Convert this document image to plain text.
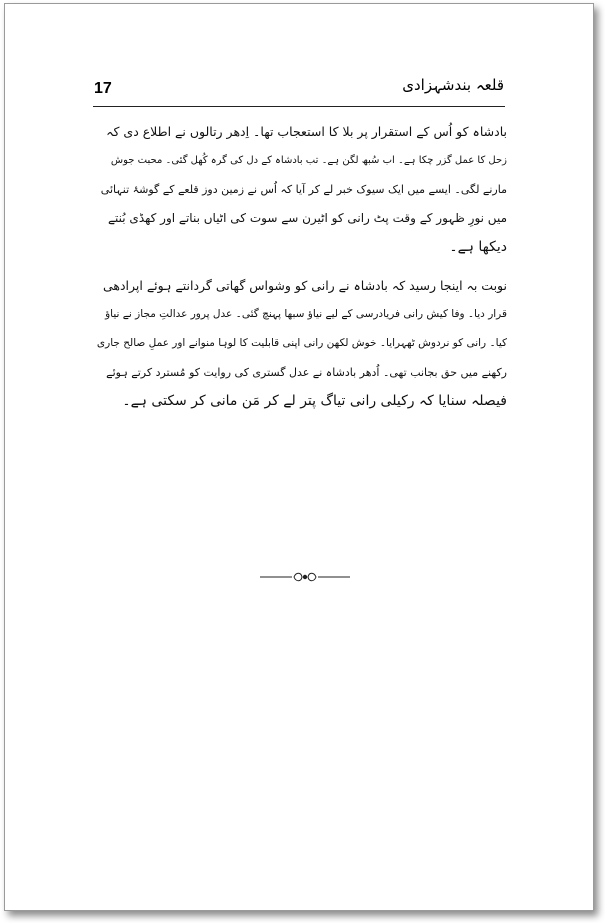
17	قلعہ بندشہزادی
بادشاہ کو اُس کے استقرار پر بلا کا استعجاب تھا۔ اِدھر رتالوں نے اطلاع دی کہ
زحل کا عمل گزر چکا ہے۔ اب سُبھ لگن ہے۔ تب بادشاہ کے دل کی گرہ کُھل گئی۔ محبت جوش
مارنے لگی۔ ایسے میں ایک سیوک خبر لے کر آیا کہ اُس نے زمین دوز قلعے کے گوشۂ تنہائی
میں نورِ ظہور کے وقت پٹ رانی کو اٹیرن سے سوت کی اٹیاں بناتے اور کھڈی بُنتے
دیکھا ہے۔
نوبت بہ اینجا رسید کہ بادشاہ نے رانی کو وشواس گھاتی گردانتے ہوئے اپرادھی
قرار دیا۔ وفا کیش رانی فریادرسی کے لیے نیاؤ سبھا پہنچ گئی۔ عدل پرور عدالتِ مجاز نے نیاؤ
کیا۔ رانی کو نردوش ٹھہرایا۔ خوش لکھن رانی اپنی قابلیت کا لوہا منوانے اور عملِ صالح جاری
رکھنے میں حق بجانب تھی۔ اُدھر بادشاہ نے عدل گستری کی روایت کو مُسترد کرتے ہوئے
فیصلہ سنایا کہ رکیلی رانی تیاگ پتر لے کر مَن مانی کر سکتی ہے۔
